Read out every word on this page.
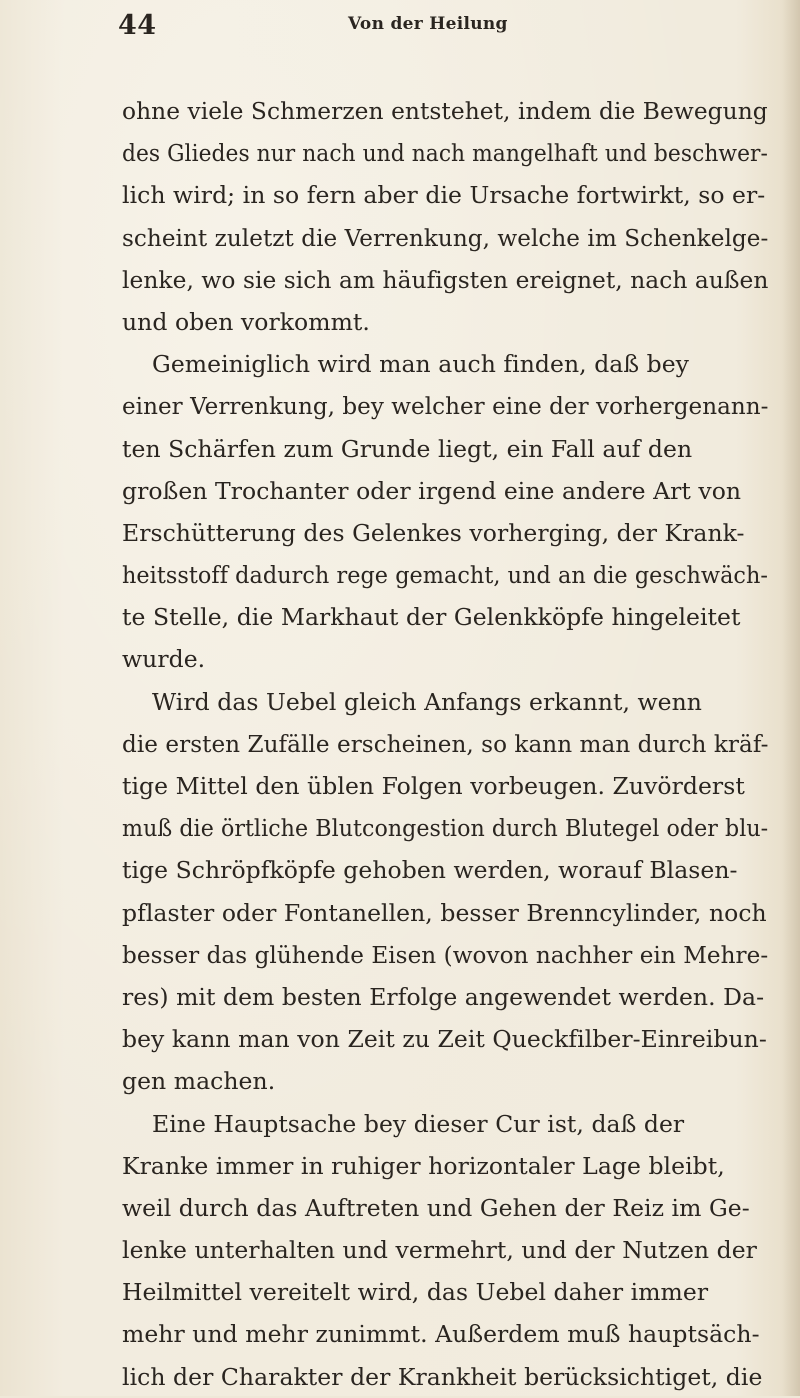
44	Von der Heilung
ohne viele Schmerzen entstehet, indem die Bewegung
des Gliedes nur nach und nach mangelhaft und beschwer-
lich wird; in so fern aber die Ursache fortwirkt, so er-
scheint zuletzt die Verrenkung, welche im Schenkelge-
lenke, wo sie sich am häufigsten ereignet, nach außen
und oben vorkommt.
Gemeiniglich wird man auch finden, daß bey
einer Verrenkung, bey welcher eine der vorhergenann-
ten Schärfen zum Grunde liegt, ein Fall auf den
großen Trochanter oder irgend eine andere Art von
Erschütterung des Gelenkes vorherging, der Krank-
heitsstoff dadurch rege gemacht, und an die geschwäch-
te Stelle, die Markhaut der Gelenkköpfe hingeleitet
wurde.
Wird das Uebel gleich Anfangs erkannt, wenn
die ersten Zufälle erscheinen, so kann man durch kräf-
tige Mittel den üblen Folgen vorbeugen. Zuvörderst
muß die örtliche Blutcongestion durch Blutegel oder blu-
tige Schröpfköpfe gehoben werden, worauf Blasen-
pflaster oder Fontanellen, besser Brenncylinder, noch
besser das glühende Eisen (wovon nachher ein Mehre-
res) mit dem besten Erfolge angewendet werden. Da-
bey kann man von Zeit zu Zeit Queckfilber-Einreibun-
gen machen.
Eine Hauptsache bey dieser Cur ist, daß der
Kranke immer in ruhiger horizontaler Lage bleibt,
weil durch das Auftreten und Gehen der Reiz im Ge-
lenke unterhalten und vermehrt, und der Nutzen der
Heilmittel vereitelt wird, das Uebel daher immer
mehr und mehr zunimmt. Außerdem muß hauptsäch-
lich der Charakter der Krankheit berücksichtiget, die
